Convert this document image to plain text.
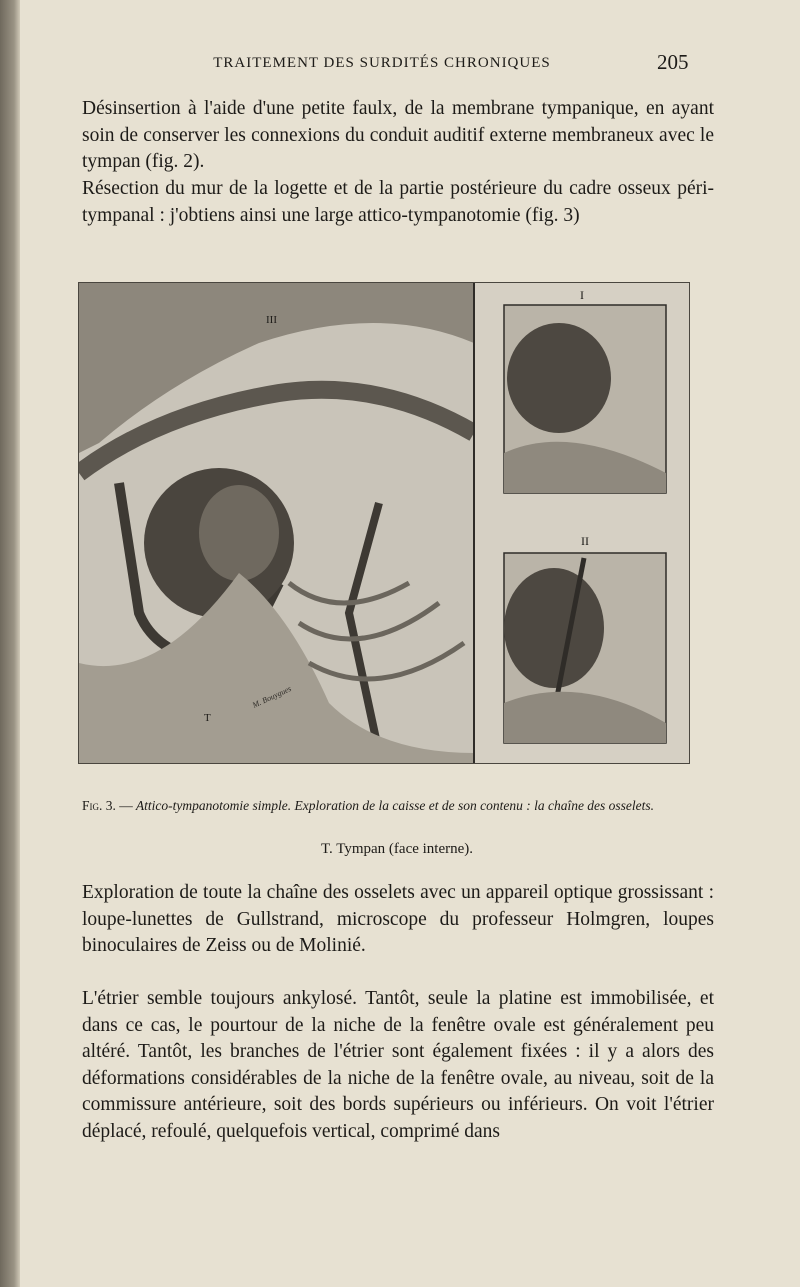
TRAITEMENT DES SURDITÉS CHRONIQUES	205

Désinsertion à l'aide d'une petite faulx, de la membrane tympanique, en ayant soin de conserver les connexions du conduit auditif externe membraneux avec le tympan (fig. 2).

Résection du mur de la logette et de la partie postérieure du cadre osseux péri-tympanal : j'obtiens ainsi une large attico-tympanotomie (fig. 3)

III
I
II
T
M. Bouygues

Fig. 3. — Attico-tympanotomie simple. Exploration de la caisse et de son contenu : la chaîne des osselets.

T. Tympan (face interne).

Exploration de toute la chaîne des osselets avec un appareil optique grossissant : loupe-lunettes de Gullstrand, microscope du professeur Holmgren, loupes binoculaires de Zeiss ou de Molinié.

L'étrier semble toujours ankylosé. Tantôt, seule la platine est immobilisée, et dans ce cas, le pourtour de la niche de la fenêtre ovale est généralement peu altéré. Tantôt, les branches de l'étrier sont également fixées : il y a alors des déformations considérables de la niche de la fenêtre ovale, au niveau, soit de la commissure antérieure, soit des bords supérieurs ou inférieurs. On voit l'étrier déplacé, refoulé, quelquefois vertical, comprimé dans
